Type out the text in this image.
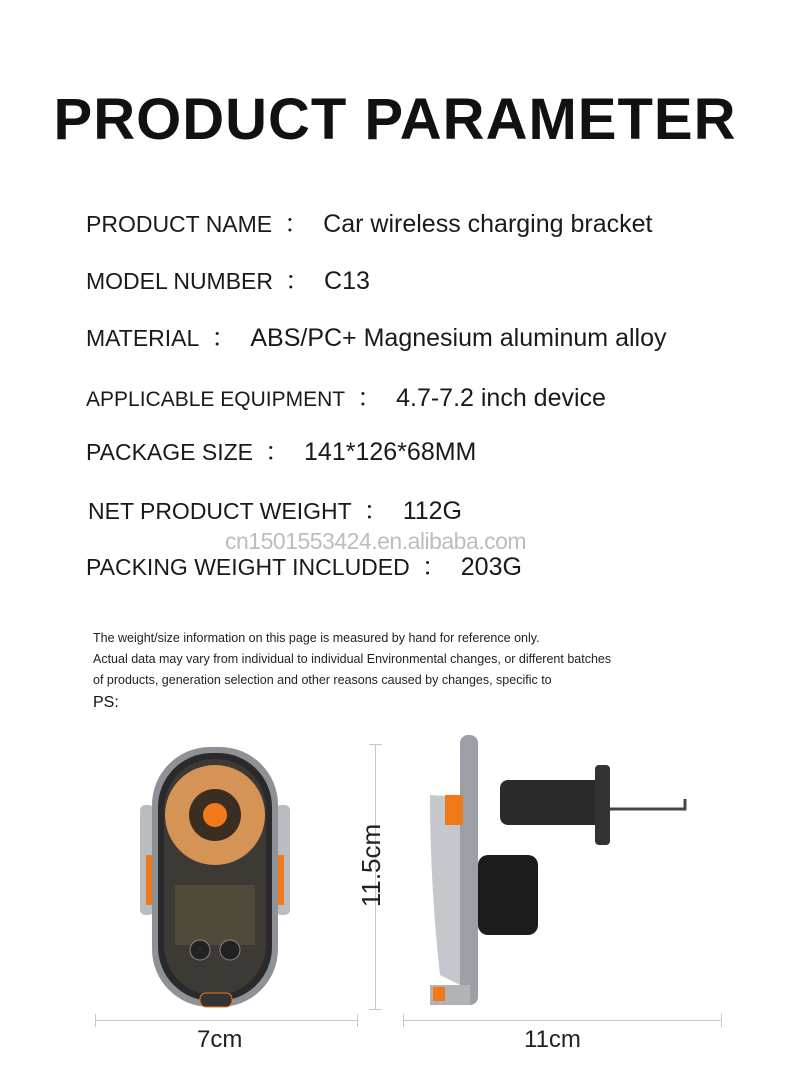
PRODUCT PARAMETER
PRODUCT NAME ： Car wireless charging bracket
MODEL NUMBER ： C13
MATERIAL ： ABS/PC+ Magnesium aluminum alloy
APPLICABLE EQUIPMENT ： 4.7-7.2 inch device
PACKAGE SIZE ： 141*126*68MM
NET PRODUCT WEIGHT ： 112G
PACKING WEIGHT INCLUDED ： 203G
cn1501553424.en.alibaba.com
The weight/size information on this page is measured by hand for reference only.
Actual data may vary from individual to individual Environmental changes, or different batches
of products, generation selection and other reasons caused by changes, specific to
PS:
11.5cm
7cm	11cm
